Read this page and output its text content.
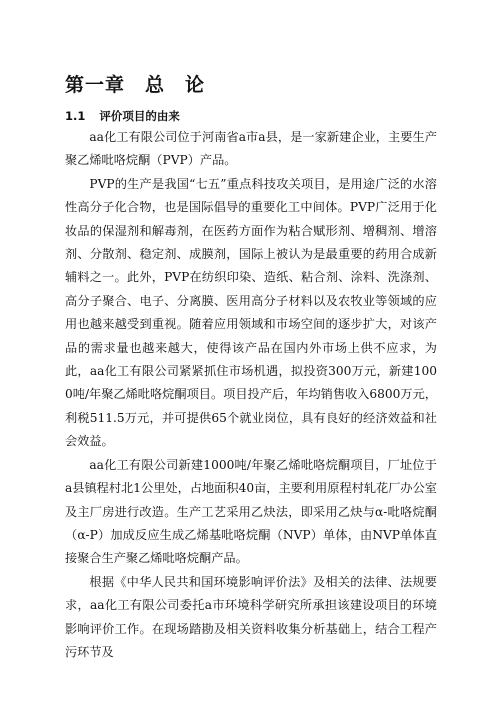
第一章　总　论
1.1 评价项目的由来

aa化工有限公司位于河南省a市a县，是一家新建企业，主要生产聚乙烯吡咯烷酮（PVP）产品。

PVP的生产是我国“七五”重点科技攻关项目，是用途广泛的水溶性高分子化合物，也是国际倡导的重要化工中间体。PVP广泛用于化妆品的保湿剂和解毒剂，在医药方面作为粘合赋形剂、增稠剂、增溶剂、分散剂、稳定剂、成膜剂，国际上被认为是最重要的药用合成新辅料之一。此外，PVP在纺织印染、造纸、粘合剂、涂料、洗涤剂、高分子聚合、电子、分离膜、医用高分子材料以及农牧业等领域的应用也越来越受到重视。随着应用领域和市场空间的逐步扩大，对该产品的需求量也越来越大，使得该产品在国内外市场上供不应求，为此，aa化工有限公司紧紧抓住市场机遇，拟投资300万元，新建1000吨/年聚乙烯吡咯烷酮项目。项目投产后，年均销售收入6800万元，利税511.5万元，并可提供65个就业岗位，具有良好的经济效益和社会效益。

aa化工有限公司新建1000吨/年聚乙烯吡咯烷酮项目，厂址位于a县镇程村北1公里处，占地面积40亩，主要利用原程村轧花厂办公室及主厂房进行改造。生产工艺采用乙炔法，即采用乙炔与α-吡咯烷酮（α-P）加成反应生成乙烯基吡咯烷酮（NVP）单体，由NVP单体直接聚合生产聚乙烯吡咯烷酮产品。

根据《中华人民共和国环境影响评价法》及相关的法律、法规要求，aa化工有限公司委托a市环境科学研究所承担该建设项目的环境影响评价工作。在现场踏勘及相关资料收集分析基础上，结合工程产污环节及
